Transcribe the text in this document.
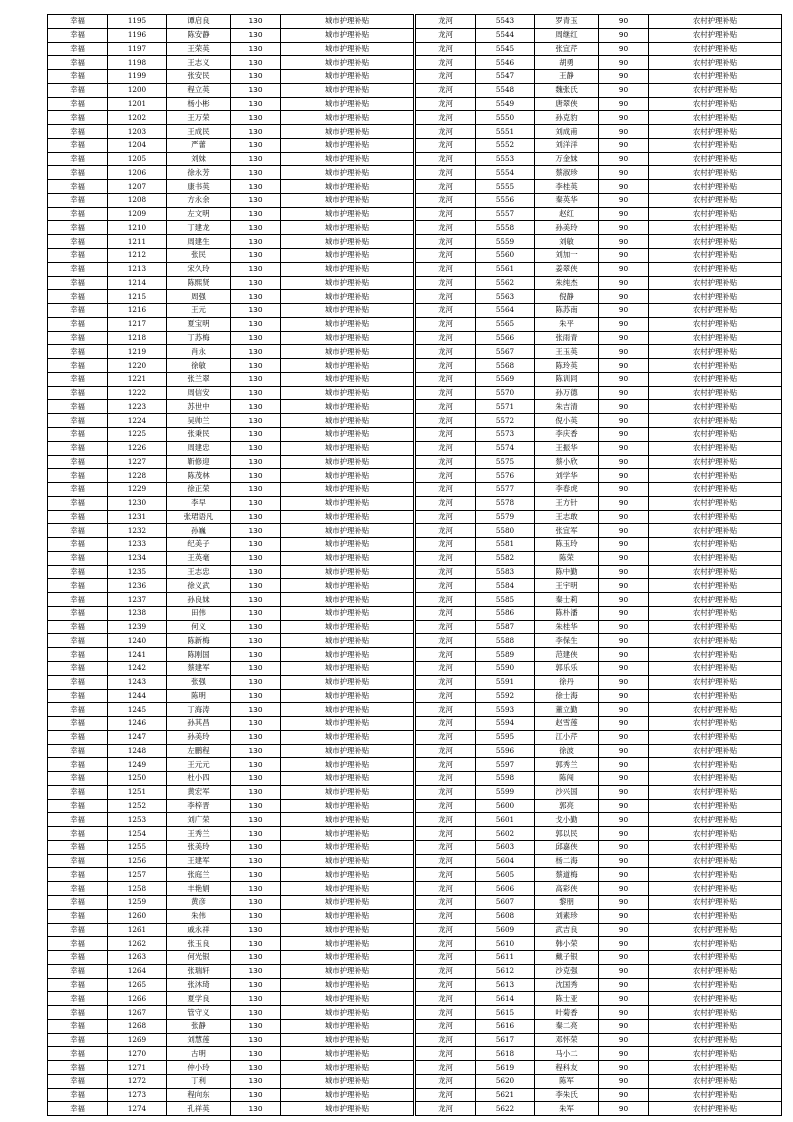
幸福	1195	谭启良	130	城市护理补贴
幸福	1196	陈安静	130	城市护理补贴
幸福	1197	王荣英	130	城市护理补贴
幸福	1198	王志义	130	城市护理补贴
幸福	1199	张安民	130	城市护理补贴
幸福	1200	程立英	130	城市护理补贴
幸福	1201	杨小彬	130	城市护理补贴
幸福	1202	王万荣	130	城市护理补贴
幸福	1203	王成民	130	城市护理补贴
幸福	1204	严蕾	130	城市护理补贴
幸福	1205	刘妹	130	城市护理补贴
幸福	1206	徐永芳	130	城市护理补贴
幸福	1207	康书英	130	城市护理补贴
幸福	1208	方永余	130	城市护理补贴
幸福	1209	左文明	130	城市护理补贴
幸福	1210	丁建龙	130	城市护理补贴
幸福	1211	周建生	130	城市护理补贴
幸福	1212	张民	130	城市护理补贴
幸福	1213	宋久玲	130	城市护理补贴
幸福	1214	陈熙贤	130	城市护理补贴
幸福	1215	周强	130	城市护理补贴
幸福	1216	王元	130	城市护理补贴
幸福	1217	夏宝明	130	城市护理补贴
幸福	1218	丁苏梅	130	城市护理补贴
幸福	1219	肖永	130	城市护理补贴
幸福	1220	徐敏	130	城市护理补贴
幸福	1221	张兰翠	130	城市护理补贴
幸福	1222	周信安	130	城市护理补贴
幸福	1223	苏世中	130	城市护理补贴
幸福	1224	吴帅兰	130	城市护理补贴
幸福	1225	张秉民	130	城市护理补贴
幸福	1226	周建忠	130	城市护理补贴
幸福	1227	靳修迎	130	城市护理补贴
幸福	1228	陈茂林	130	城市护理补贴
幸福	1229	徐正荣	130	城市护理补贴
幸福	1230	李早	130	城市护理补贴
幸福	1231	张珺语凡	130	城市护理补贴
幸福	1232	孙巍	130	城市护理补贴
幸福	1233	纪美子	130	城市护理补贴
幸福	1234	王英毫	130	城市护理补贴
幸福	1235	王志忠	130	城市护理补贴
幸福	1236	徐义武	130	城市护理补贴
幸福	1237	孙良妹	130	城市护理补贴
幸福	1238	田伟	130	城市护理补贴
幸福	1239	何义	130	城市护理补贴
幸福	1240	陈新梅	130	城市护理补贴
幸福	1241	陈刚国	130	城市护理补贴
幸福	1242	蔡建军	130	城市护理补贴
幸福	1243	张强	130	城市护理补贴
幸福	1244	陈明	130	城市护理补贴
幸福	1245	丁海涛	130	城市护理补贴
幸福	1246	孙其昌	130	城市护理补贴
幸福	1247	孙美玲	130	城市护理补贴
幸福	1248	左鹏程	130	城市护理补贴
幸福	1249	王元元	130	城市护理补贴
幸福	1250	杜小四	130	城市护理补贴
幸福	1251	黄宏军	130	城市护理补贴
幸福	1252	李梓晋	130	城市护理补贴
幸福	1253	刘广荣	130	城市护理补贴
幸福	1254	王秀兰	130	城市护理补贴
幸福	1255	张美玲	130	城市护理补贴
幸福	1256	王建军	130	城市护理补贴
幸福	1257	张庭兰	130	城市护理补贴
幸福	1258	丰艳娟	130	城市护理补贴
幸福	1259	黄彦	130	城市护理补贴
幸福	1260	朱伟	130	城市护理补贴
幸福	1261	戚永祥	130	城市护理补贴
幸福	1262	张玉良	130	城市护理补贴
幸福	1263	何光银	130	城市护理补贴
幸福	1264	张瑞轩	130	城市护理补贴
幸福	1265	张沐琦	130	城市护理补贴
幸福	1266	夏学良	130	城市护理补贴
幸福	1267	管守义	130	城市护理补贴
幸福	1268	张静	130	城市护理补贴
幸福	1269	刘慧莲	130	城市护理补贴
幸福	1270	古明	130	城市护理补贴
幸福	1271	仲小玲	130	城市护理补贴
幸福	1272	丁利	130	城市护理补贴
幸福	1273	程向东	130	城市护理补贴
幸福	1274	孔祥英	130	城市护理补贴
龙河	5543	罗青玉	90	农村护理补贴
龙河	5544	周继红	90	农村护理补贴
龙河	5545	张宜芹	90	农村护理补贴
龙河	5546	胡勇	90	农村护理补贴
龙河	5547	王静	90	农村护理补贴
龙河	5548	魏张氏	90	农村护理补贴
龙河	5549	唐翠侠	90	农村护理补贴
龙河	5550	孙克豹	90	农村护理补贴
龙河	5551	刘成甫	90	农村护理补贴
龙河	5552	刘洋洋	90	农村护理补贴
龙河	5553	万金妹	90	农村护理补贴
龙河	5554	蔡淑珍	90	农村护理补贴
龙河	5555	李桂英	90	农村护理补贴
龙河	5556	秦英华	90	农村护理补贴
龙河	5557	赵红	90	农村护理补贴
龙河	5558	孙美玲	90	农村护理补贴
龙河	5559	刘敏	90	农村护理补贴
龙河	5560	刘加一	90	农村护理补贴
龙河	5561	姜翠侠	90	农村护理补贴
龙河	5562	朱纯杰	90	农村护理补贴
龙河	5563	倪静	90	农村护理补贴
龙河	5564	陈苏南	90	农村护理补贴
龙河	5565	朱平	90	农村护理补贴
龙河	5566	张雨青	90	农村护理补贴
龙河	5567	王玉英	90	农村护理补贴
龙河	5568	陈玲英	90	农村护理补贴
龙河	5569	陈训同	90	农村护理补贴
龙河	5570	孙万德	90	农村护理补贴
龙河	5571	朱吉清	90	农村护理补贴
龙河	5572	倪小英	90	农村护理补贴
龙河	5573	李庆香	90	农村护理补贴
龙河	5574	王振华	90	农村护理补贴
龙河	5575	蔡小欣	90	农村护理补贴
龙河	5576	刘学华	90	农村护理补贴
龙河	5577	李春虎	90	农村护理补贴
龙河	5578	王方针	90	农村护理补贴
龙河	5579	王志敢	90	农村护理补贴
龙河	5580	张宜军	90	农村护理补贴
龙河	5581	陈玉玲	90	农村护理补贴
龙河	5582	陈荣	90	农村护理补贴
龙河	5583	陈中勤	90	农村护理补贴
龙河	5584	王宇明	90	农村护理补贴
龙河	5585	秦士莉	90	农村护理补贴
龙河	5586	陈朴潘	90	农村护理补贴
龙河	5587	朱桂华	90	农村护理补贴
龙河	5588	李保生	90	农村护理补贴
龙河	5589	范建侠	90	农村护理补贴
龙河	5590	郭乐乐	90	农村护理补贴
龙河	5591	徐丹	90	农村护理补贴
龙河	5592	徐士海	90	农村护理补贴
龙河	5593	董立勤	90	农村护理补贴
龙河	5594	赵雪莲	90	农村护理补贴
龙河	5595	江小芹	90	农村护理补贴
龙河	5596	徐波	90	农村护理补贴
龙河	5597	郭秀兰	90	农村护理补贴
龙河	5598	陈闯	90	农村护理补贴
龙河	5599	沙兴国	90	农村护理补贴
龙河	5600	郭亮	90	农村护理补贴
龙河	5601	戈小勤	90	农村护理补贴
龙河	5602	郭以民	90	农村护理补贴
龙河	5603	邱嘉侠	90	农村护理补贴
龙河	5604	杨二海	90	农村护理补贴
龙河	5605	蔡道梅	90	农村护理补贴
龙河	5606	高彩侠	90	农村护理补贴
龙河	5607	黎朋	90	农村护理补贴
龙河	5608	刘素珍	90	农村护理补贴
龙河	5609	武吉良	90	农村护理补贴
龙河	5610	韩小荣	90	农村护理补贴
龙河	5611	戴子银	90	农村护理补贴
龙河	5612	沙克强	90	农村护理补贴
龙河	5613	沈国秀	90	农村护理补贴
龙河	5614	陈士亚	90	农村护理补贴
龙河	5615	叶菊香	90	农村护理补贴
龙河	5616	秦二亮	90	农村护理补贴
龙河	5617	邓怀荣	90	农村护理补贴
龙河	5618	马小二	90	农村护理补贴
龙河	5619	程科友	90	农村护理补贴
龙河	5620	陈军	90	农村护理补贴
龙河	5621	李朱氏	90	农村护理补贴
龙河	5622	朱军	90	农村护理补贴
